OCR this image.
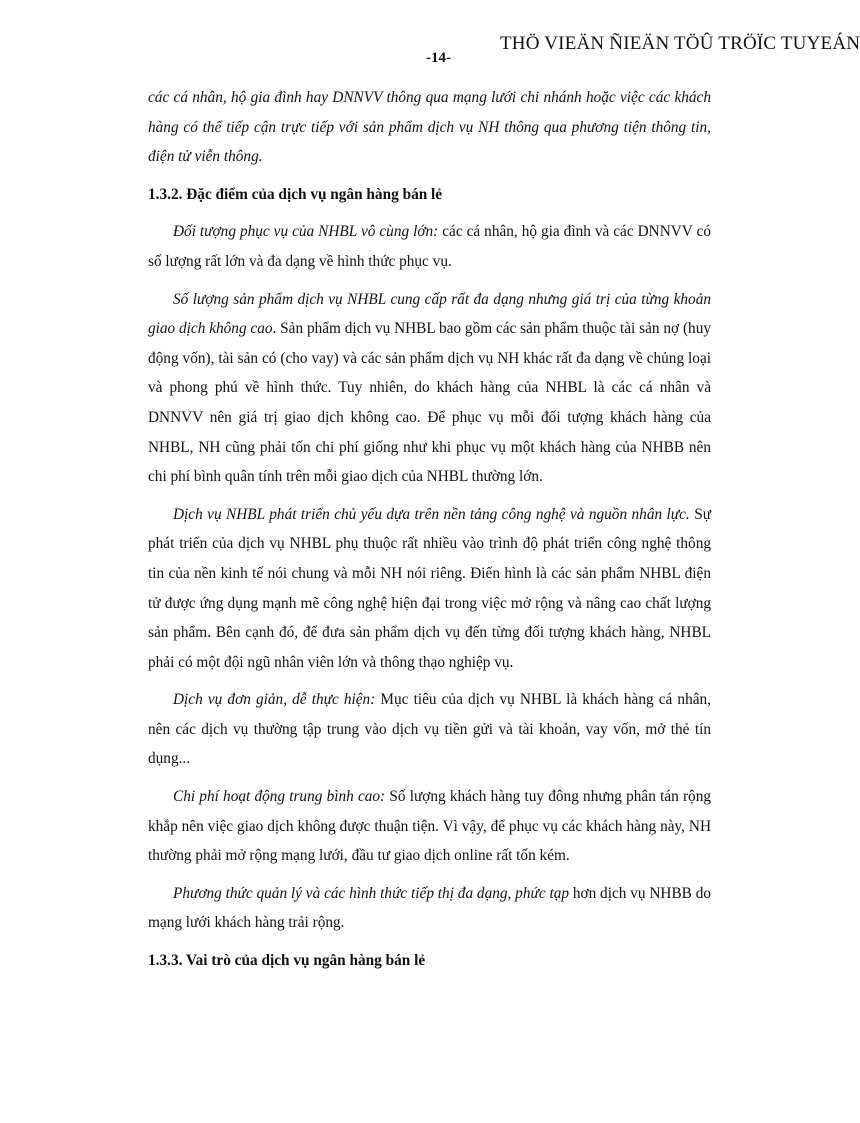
THÖ VIEÄN ÑIEÄN TÖÛ TRÖÏC TUYEÁN
-14-

các cá nhân, hộ gia đình hay DNNVV thông qua mạng lưới chi nhánh hoặc việc các khách hàng có thể tiếp cận trực tiếp với sản phẩm dịch vụ NH thông qua phương tiện thông tin, điện tử viễn thông.

1.3.2. Đặc điểm của dịch vụ ngân hàng bán lẻ

Đối tượng phục vụ của NHBL vô cùng lớn: các cá nhân, hộ gia đình và các DNNVV có số lượng rất lớn và đa dạng về hình thức phục vụ.

Số lượng sản phẩm dịch vụ NHBL cung cấp rất đa dạng nhưng giá trị của từng khoản giao dịch không cao. Sản phẩm dịch vụ NHBL bao gồm các sản phẩm thuộc tài sản nợ (huy động vốn), tài sản có (cho vay) và các sản phẩm dịch vụ NH khác rất đa dạng về chủng loại và phong phú về hình thức. Tuy nhiên, do khách hàng của NHBL là các cá nhân và DNNVV nên giá trị giao dịch không cao. Để phục vụ mỗi đối tượng khách hàng của NHBL, NH cũng phải tốn chi phí giống như khi phục vụ một khách hàng của NHBB nên chi phí bình quân tính trên mỗi giao dịch của NHBL thường lớn.

Dịch vụ NHBL phát triển chủ yếu dựa trên nền tảng công nghệ và nguồn nhân lực. Sự phát triển của dịch vụ NHBL phụ thuộc rất nhiều vào trình độ phát triển công nghệ thông tin của nền kinh tế nói chung và mỗi NH nói riêng. Điển hình là các sản phẩm NHBL điện tử được ứng dụng mạnh mẽ công nghệ hiện đại trong việc mở rộng và nâng cao chất lượng sản phẩm. Bên cạnh đó, để đưa sản phẩm dịch vụ đến từng đối tượng khách hàng, NHBL phải có một đội ngũ nhân viên lớn và thông thạo nghiệp vụ.

Dịch vụ đơn giản, dễ thực hiện: Mục tiêu của dịch vụ NHBL là khách hàng cá nhân, nên các dịch vụ thường tập trung vào dịch vụ tiền gửi và tài khoản, vay vốn, mở thẻ tín dụng...

Chi phí hoạt động trung bình cao: Số lượng khách hàng tuy đông nhưng phân tán rộng khắp nên việc giao dịch không được thuận tiện. Vì vậy, để phục vụ các khách hàng này, NH thường phải mở rộng mạng lưới, đầu tư giao dịch online rất tốn kém.

Phương thức quản lý và các hình thức tiếp thị đa dạng, phức tạp hơn dịch vụ NHBB do mạng lưới khách hàng trải rộng.

1.3.3. Vai trò của dịch vụ ngân hàng bán lẻ
